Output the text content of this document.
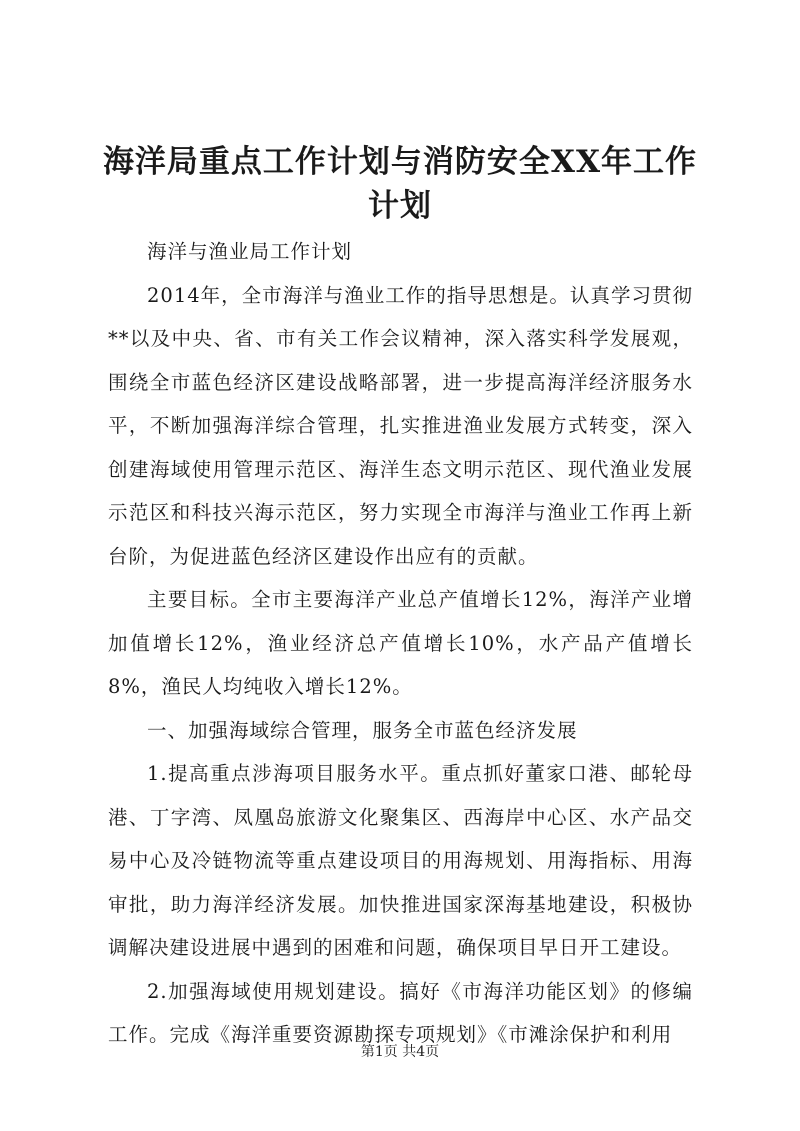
海洋局重点工作计划与消防安全XX年工作计划

海洋与渔业局工作计划

2014年，全市海洋与渔业工作的指导思想是。认真学习贯彻**以及中央、省、市有关工作会议精神，深入落实科学发展观，围绕全市蓝色经济区建设战略部署，进一步提高海洋经济服务水平，不断加强海洋综合管理，扎实推进渔业发展方式转变，深入创建海域使用管理示范区、海洋生态文明示范区、现代渔业发展示范区和科技兴海示范区，努力实现全市海洋与渔业工作再上新台阶，为促进蓝色经济区建设作出应有的贡献。

主要目标。全市主要海洋产业总产值增长12%，海洋产业增加值增长12%，渔业经济总产值增长10%，水产品产值增长8%，渔民人均纯收入增长12%。

一、加强海域综合管理，服务全市蓝色经济发展

1.提高重点涉海项目服务水平。重点抓好董家口港、邮轮母港、丁字湾、凤凰岛旅游文化聚集区、西海岸中心区、水产品交易中心及冷链物流等重点建设项目的用海规划、用海指标、用海审批，助力海洋经济发展。加快推进国家深海基地建设，积极协调解决建设进展中遇到的困难和问题，确保项目早日开工建设。

2.加强海域使用规划建设。搞好《市海洋功能区划》的修编工作。完成《海洋重要资源勘探专项规划》《市滩涂保护和利用

第1页 共4页
